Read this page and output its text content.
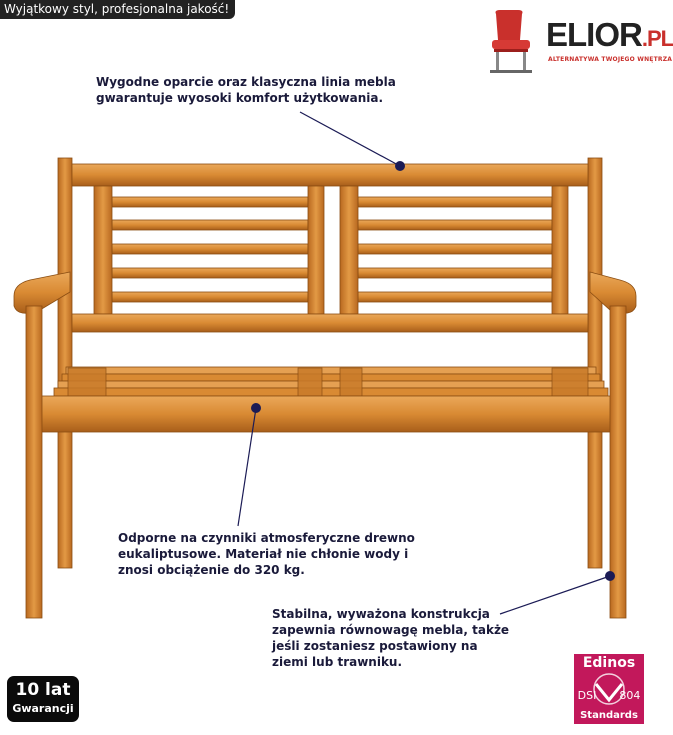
Wyjątkowy styl, profesjonalna jakość!
ELIOR.PL
ALTERNATYWA TWOJEGO WNĘTRZA
Wygodne oparcie oraz klasyczna linia mebla gwarantuje wyosoki komfort użytkowania.
Odporne na czynniki atmosferyczne drewno eukaliptusowe. Materiał nie chłonie wody i znosi obciążenie do 320 kg.
Stabilna, wyważona konstrukcja zapewnia równowagę mebla, także jeśli zostaniesz postawiony na ziemi lub trawniku.
10 lat
Gwarancji
Edinos
DSI 804
Standards
